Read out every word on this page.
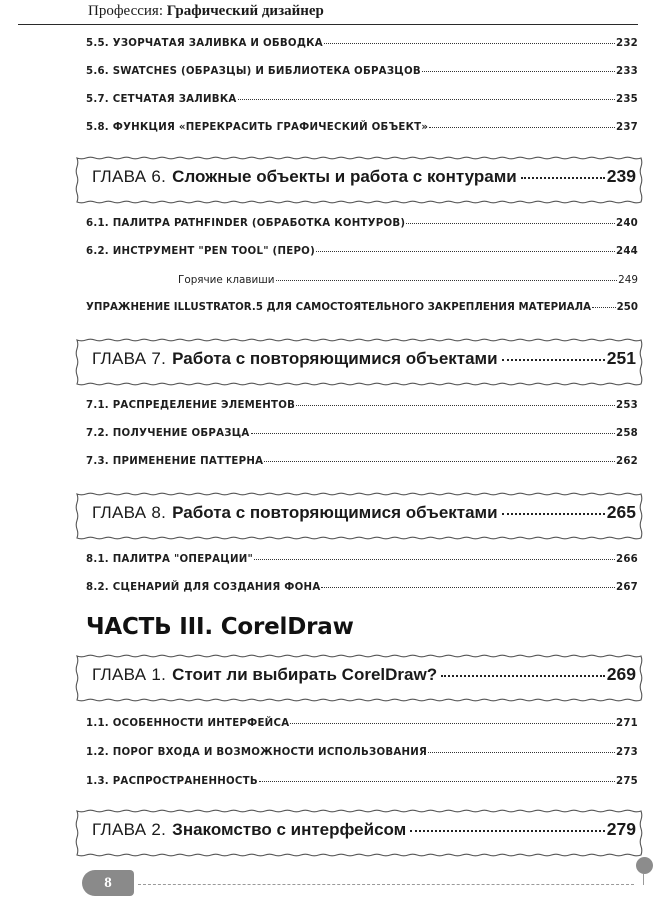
Профессия: Графический дизайнер
5.5. УЗОРЧАТАЯ ЗАЛИВКА И ОБВОДКА	232
5.6. SWATCHES (ОБРАЗЦЫ) И БИБЛИОТЕКА ОБРАЗЦОВ	233
5.7. СЕТЧАТАЯ ЗАЛИВКА	235
5.8. ФУНКЦИЯ «ПЕРЕКРАСИТЬ ГРАФИЧЕСКИЙ ОБЪЕКТ»	237
ГЛАВА 6. Сложные объекты и работа с контурами	239
6.1. ПАЛИТРА PATHFINDER (ОБРАБОТКА КОНТУРОВ)	240
6.2. ИНСТРУМЕНТ "PEN TOOL" (ПЕРО)	244
Горячие клавиши	249
УПРАЖНЕНИЕ ILLUSTRATOR.5 ДЛЯ САМОСТОЯТЕЛЬНОГО ЗАКРЕПЛЕНИЯ МАТЕРИАЛА 250
ГЛАВА 7. Работа с повторяющимися объектами	251
7.1. РАСПРЕДЕЛЕНИЕ ЭЛЕМЕНТОВ	253
7.2. ПОЛУЧЕНИЕ ОБРАЗЦА	258
7.3. ПРИМЕНЕНИЕ ПАТТЕРНА	262
ГЛАВА 8. Работа с повторяющимися объектами	265
8.1. ПАЛИТРА "ОПЕРАЦИИ"	266
8.2. СЦЕНАРИЙ ДЛЯ СОЗДАНИЯ ФОНА	267
ЧАСТЬ III. CorelDraw
ГЛАВА 1. Стоит ли выбирать CorelDraw?	269
1.1. ОСОБЕННОСТИ ИНТЕРФЕЙСА	271
1.2. ПОРОГ ВХОДА И ВОЗМОЖНОСТИ ИСПОЛЬЗОВАНИЯ	273
1.3. РАСПРОСТРАНЕННОСТЬ	275
ГЛАВА 2. Знакомство с интерфейсом	279
8
